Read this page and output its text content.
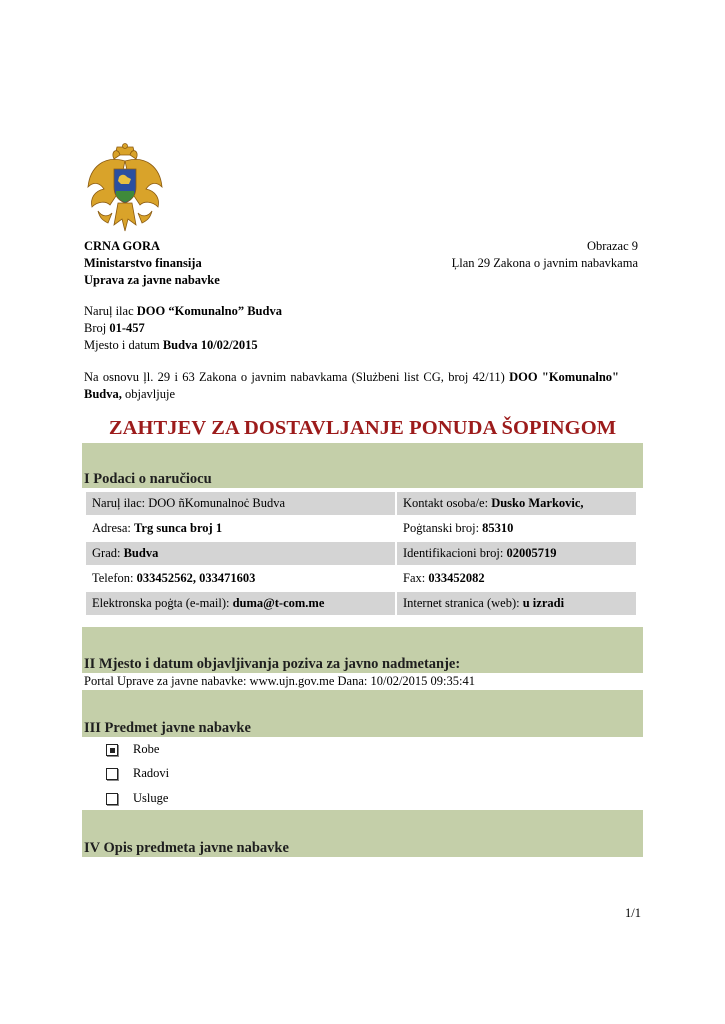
CRNA GORA
Ministarstvo finansija
Uprava za javne nabavke
Obrazac 9
Ļlan 29 Zakona o javnim nabavkama
Naruļ ilac DOO “Komunalno” Budva
Broj 01-457
Mjesto i datum Budva 10/02/2015
Na osnovu ļl. 29 i 63 Zakona o javnim nabavkama (Slużbeni list CG, broj 42/11) DOO "Komunalno" Budva, objavljuje
ZAHTJEV ZA DOSTAVLJANJE PONUDA ŠOPINGOM
I Podaci o naručiocu
Naruļ ilac: DOO ñKomunalnoċ Budva	Kontakt osoba/e: Dusko Markovic,
Adresa: Trg sunca broj 1	Poġtanski broj: 85310
Grad: Budva	Identifikacioni broj: 02005719
Telefon: 033452562, 033471603	Fax: 033452082
Elektronska poġta (e-mail): duma@t-com.me	Internet stranica (web): u izradi
II Mjesto i datum objavljivanja poziva za javno nadmetanje:
Portal Uprave za javne nabavke: www.ujn.gov.me Dana: 10/02/2015 09:35:41
III Predmet javne nabavke
Robe
Radovi
Usluge
IV Opis predmeta javne nabavke
1/1
